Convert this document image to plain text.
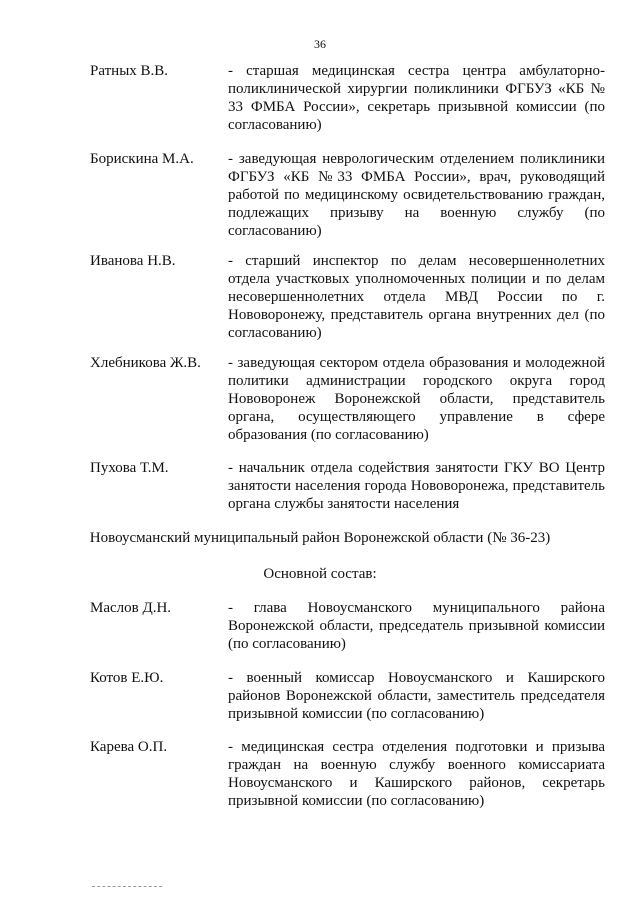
36
Ратных В.В.	- старшая медицинская сестра центра амбулаторно-поликлинической хирургии поликлиники ФГБУЗ «КБ № 33 ФМБА России», секретарь призывной комиссии (по согласованию)
Борискина М.А. - заведующая неврологическим отделением поликлиники ФГБУЗ «КБ №33 ФМБА России», врач, руководящий работой по медицинскому освидетельствованию граждан, подлежащих призыву на военную службу (по согласованию)
Иванова Н.В.	- старший инспектор по делам несовершеннолетних отдела участковых уполномоченных полиции и по делам несовершеннолетних отдела МВД России по г. Нововоронежу, представитель органа внутренних дел (по согласованию)
Хлебникова Ж.В. - заведующая сектором отдела образования и молодежной политики администрации городского округа город Нововоронеж Воронежской области, представитель органа, осуществляющего управление в сфере образования (по согласованию)
Пухова Т.М.	- начальник отдела содействия занятости ГКУ ВО Центр занятости населения города Нововоронежа, представитель органа службы занятости населения
Новоусманский муниципальный район Воронежской области (№ 36-23)
Основной состав:
Маслов Д.Н.	- глава Новоусманского муниципального района Воронежской области, председатель призывной комиссии (по согласованию)
Котов Е.Ю.	- военный комиссар Новоусманского и Каширского районов Воронежской области, заместитель председателя призывной комиссии (по согласованию)
Карева О.П.	- медицинская сестра отделения подготовки и призыва граждан на военную службу военного комиссариата Новоусманского и Каширского районов, секретарь призывной комиссии (по согласованию)
